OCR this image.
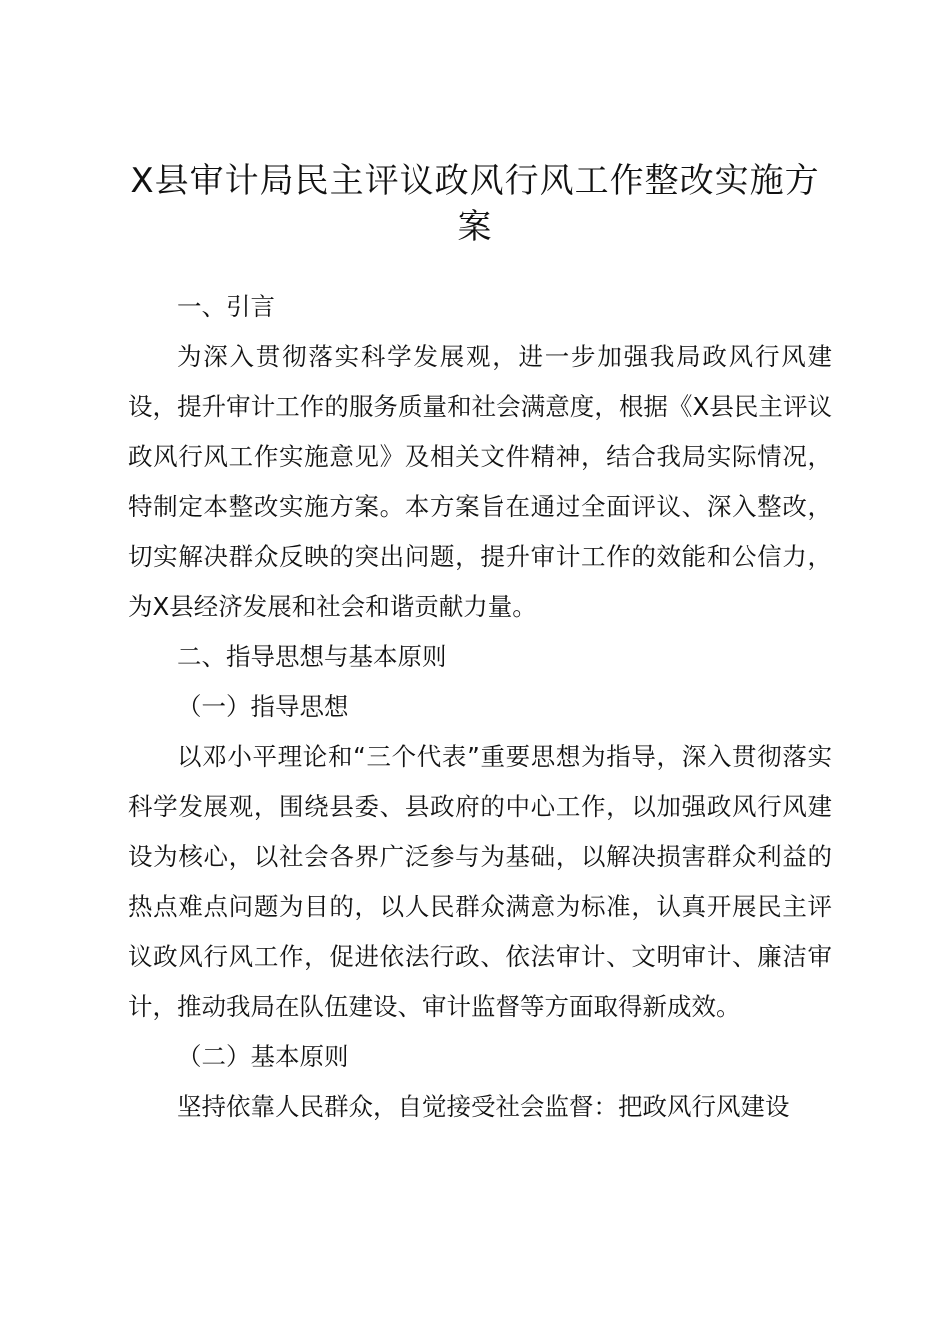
X县审计局民主评议政风行风工作整改实施方案

一、引言

为深入贯彻落实科学发展观，进一步加强我局政风行风建设，提升审计工作的服务质量和社会满意度，根据《X县民主评议政风行风工作实施意见》及相关文件精神，结合我局实际情况，特制定本整改实施方案。本方案旨在通过全面评议、深入整改，切实解决群众反映的突出问题，提升审计工作的效能和公信力，为X县经济发展和社会和谐贡献力量。

二、指导思想与基本原则

（一）指导思想

以邓小平理论和“三个代表”重要思想为指导，深入贯彻落实科学发展观，围绕县委、县政府的中心工作，以加强政风行风建设为核心，以社会各界广泛参与为基础，以解决损害群众利益的热点难点问题为目的，以人民群众满意为标准，认真开展民主评议政风行风工作，促进依法行政、依法审计、文明审计、廉洁审计，推动我局在队伍建设、审计监督等方面取得新成效。

（二）基本原则

坚持依靠人民群众，自觉接受社会监督：把政风行风建设
